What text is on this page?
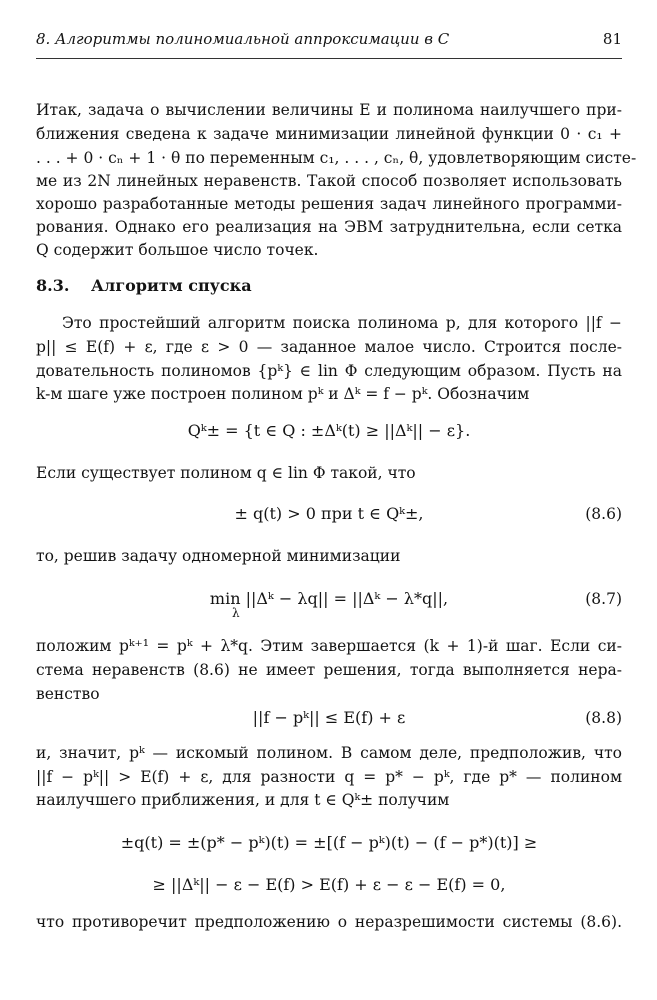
8. Алгоритмы полиномиальной аппроксимации в C	81
Итак, задача о вычислении величины E и полинома наилучшего при-
ближения сведена к задаче минимизации линейной функции 0 · c₁ +
. . . + 0 · cₙ + 1 · θ по переменным c₁, . . . , cₙ, θ, удовлетворяющим систе-
ме из 2N линейных неравенств. Такой способ позволяет использовать
хорошо разработанные методы решения задач линейного программи-
рования. Однако его реализация на ЭВМ затруднительна, если сетка
Q содержит большое число точек.
8.3. Алгоритм спуска
Это простейший алгоритм поиска полинома p, для которого ||f −
p|| ≤ E(f) + ε, где ε > 0 — заданное малое число. Строится после-
довательность полиномов {pᵏ} ∈ lin Φ следующим образом. Пусть на
k-м шаге уже построен полином pᵏ и Δᵏ = f − pᵏ. Обозначим
Qᵏ± = {t ∈ Q : ±Δᵏ(t) ≥ ||Δᵏ|| − ε}.
Если существует полином q ∈ lin Φ такой, что
± q(t) > 0 при t ∈ Qᵏ±,	(8.6)
то, решив задачу одномерной минимизации
min ||Δᵏ − λq|| = ||Δᵏ − λ*q||,
λ
(8.7)
положим pᵏ⁺¹ = pᵏ + λ*q. Этим завершается (k + 1)-й шаг. Если си-
стема неравенств (8.6) не имеет решения, тогда выполняется нера-
венство
||f − pᵏ|| ≤ E(f) + ε	(8.8)
и, значит, pᵏ — искомый полином. В самом деле, предположив, что
||f − pᵏ|| > E(f) + ε, для разности q = p* − pᵏ, где p* — полином
наилучшего приближения, и для t ∈ Qᵏ± получим
±q(t) = ±(p* − pᵏ)(t) = ±[(f − pᵏ)(t) − (f − p*)(t)] ≥
≥ ||Δᵏ|| − ε − E(f) > E(f) + ε − ε − E(f) = 0,
что противоречит предположению о неразрешимости системы (8.6).
